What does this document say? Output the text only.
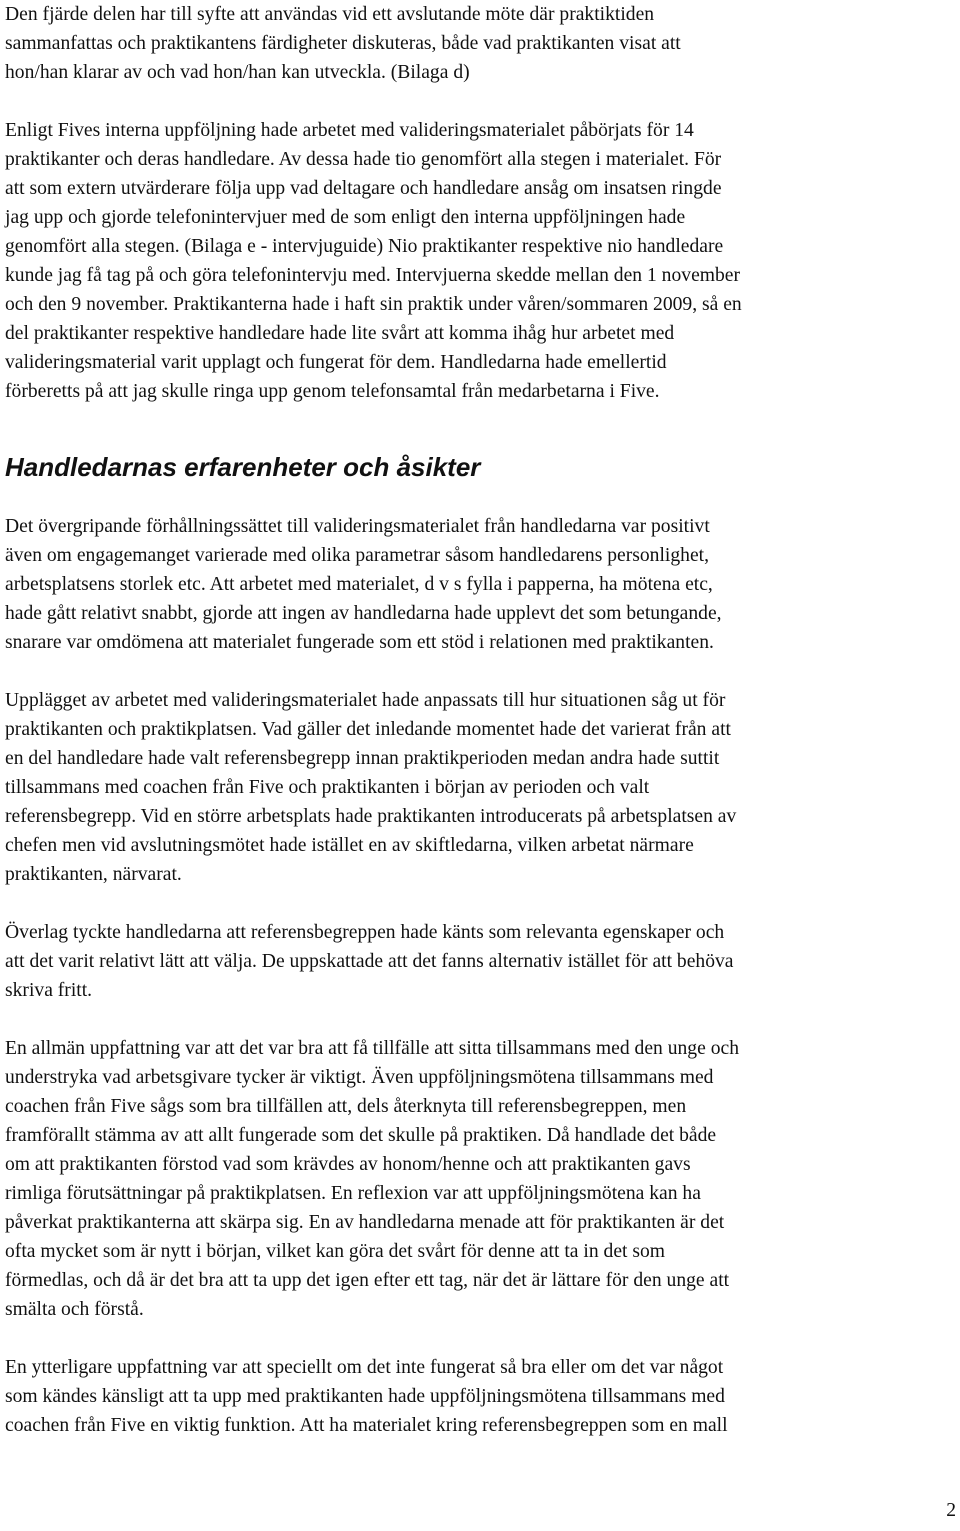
Den fjärde delen har till syfte att användas vid ett avslutande möte där praktiktiden
sammanfattas och praktikantens färdigheter diskuteras, både vad praktikanten visat att
hon/han klarar av och vad hon/han kan utveckla. (Bilaga d)
Enligt Fives interna uppföljning hade arbetet med valideringsmaterialet påbörjats för 14
praktikanter och deras handledare. Av dessa hade tio genomfört alla stegen i materialet. För
att som extern utvärderare följa upp vad deltagare och handledare ansåg om insatsen ringde
jag upp och gjorde telefonintervjuer med de som enligt den interna uppföljningen hade
genomfört alla stegen. (Bilaga e - intervjuguide) Nio praktikanter respektive nio handledare
kunde jag få tag på och göra telefonintervju med. Intervjuerna skedde mellan den 1 november
och den 9 november. Praktikanterna hade i haft sin praktik under våren/sommaren 2009, så en
del praktikanter respektive handledare hade lite svårt att komma ihåg hur arbetet med
valideringsmaterial varit upplagt och fungerat för dem. Handledarna hade emellertid
förberetts på att jag skulle ringa upp genom telefonsamtal från medarbetarna i Five.
Handledarnas erfarenheter och åsikter
Det övergripande förhållningssättet till valideringsmaterialet från handledarna var positivt
även om engagemanget varierade med olika parametrar såsom handledarens personlighet,
arbetsplatsens storlek etc. Att arbetet med materialet, d v s fylla i papperna, ha mötena etc,
hade gått relativt snabbt, gjorde att ingen av handledarna hade upplevt det som betungande,
snarare var omdömena att materialet fungerade som ett stöd i relationen med praktikanten.
Upplägget av arbetet med valideringsmaterialet hade anpassats till hur situationen såg ut för
praktikanten och praktikplatsen. Vad gäller det inledande momentet hade det varierat från att
en del handledare hade valt referensbegrepp innan praktikperioden medan andra hade suttit
tillsammans med coachen från Five och praktikanten i början av perioden och valt
referensbegrepp. Vid en större arbetsplats hade praktikanten introducerats på arbetsplatsen av
chefen men vid avslutningsmötet hade istället en av skiftledarna, vilken arbetat närmare
praktikanten, närvarat.
Överlag tyckte handledarna att referensbegreppen hade känts som relevanta egenskaper och
att det varit relativt lätt att välja. De uppskattade att det fanns alternativ istället för att behöva
skriva fritt.
En allmän uppfattning var att det var bra att få tillfälle att sitta tillsammans med den unge och
understryka vad arbetsgivare tycker är viktigt. Även uppföljningsmötena tillsammans med
coachen från Five sågs som bra tillfällen att, dels återknyta till referensbegreppen, men
framförallt stämma av att allt fungerade som det skulle på praktiken. Då handlade det både
om att praktikanten förstod vad som krävdes av honom/henne och att praktikanten gavs
rimliga förutsättningar på praktikplatsen. En reflexion var att uppföljningsmötena kan ha
påverkat praktikanterna att skärpa sig. En av handledarna menade att för praktikanten är det
ofta mycket som är nytt i början, vilket kan göra det svårt för denne att ta in det som
förmedlas, och då är det bra att ta upp det igen efter ett tag, när det är lättare för den unge att
smälta och förstå.
En ytterligare uppfattning var att speciellt om det inte fungerat så bra eller om det var något
som kändes känsligt att ta upp med praktikanten hade uppföljningsmötena tillsammans med
coachen från Five en viktig funktion. Att ha materialet kring referensbegreppen som en mall
2
